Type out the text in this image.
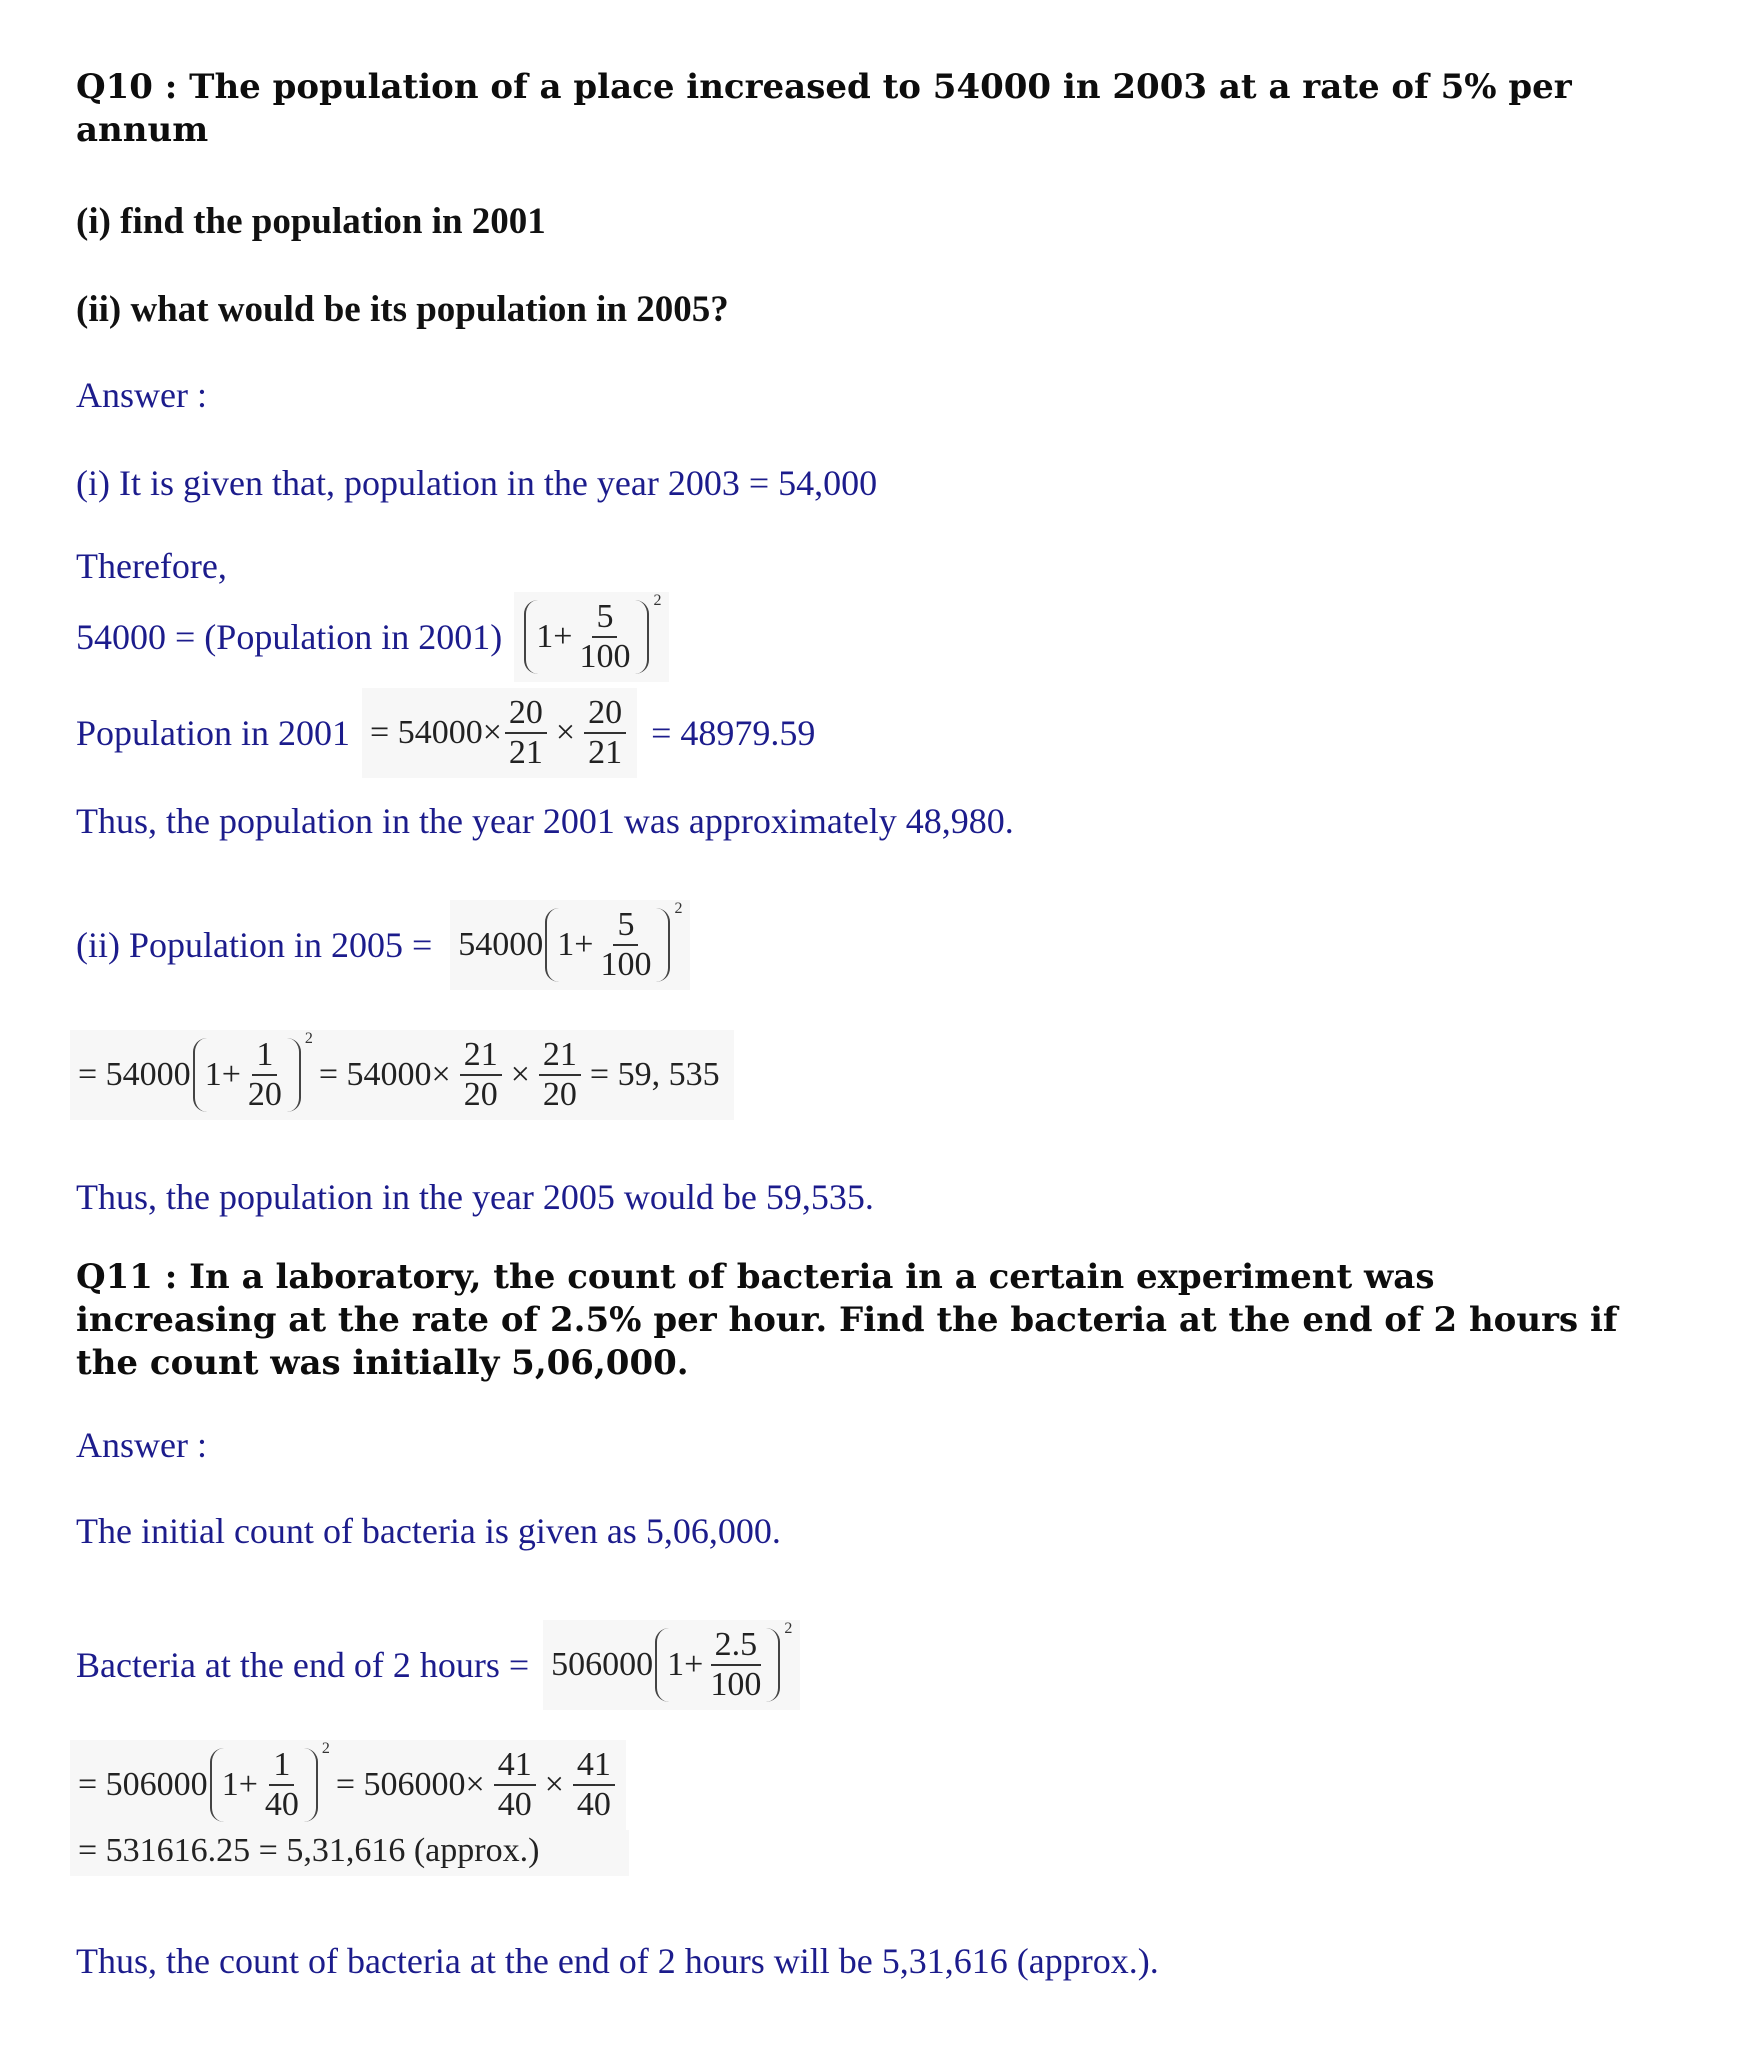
Q10 : The population of a place increased to 54000 in 2003 at a rate of 5% per annum
(i) find the population in 2001
(ii) what would be its population in 2005?
Answer :
(i) It is given that, population in the year 2003 = 54,000
Therefore,
54000 = (Population in 2001) $1+ \frac{5}{100} 2$
Population in $2001 = 54000\times \frac{20}{21} \times \frac{20}{21} = 48979.59$
Thus, the population in the year 2001 was approximately 48,980.
(ii) Population in 2005 = 54000 $1+ \frac{5}{100} 2$
= 54000 $1+ \frac{1}{20} 2$
= $54000\times \frac{21}{20} \times \frac{21}{20} = 59$, 535
Thus, the population in the year 2005 would be 59,535.
Q11 : In a laboratory, the count of bacteria in a certain experiment was increasing at the rate of 2.5% per hour. Find the bacteria at the end of 2 hours if the count was initially 5,06,000.
Answer :
The initial count of bacteria is given as 5,06,000.
Bacteria at the end of 2 hours = 506000 $1+ \frac{2.5}{100} 2$
= 506000 $1+ \frac{1}{40} 2$
= $506000\times \frac{41}{40} \times \frac{41}{40}$
= 531616.25 = 5,31,616 (approx.)
Thus, the count of bacteria at the end of 2 hours will be 5,31,616 (approx.).
